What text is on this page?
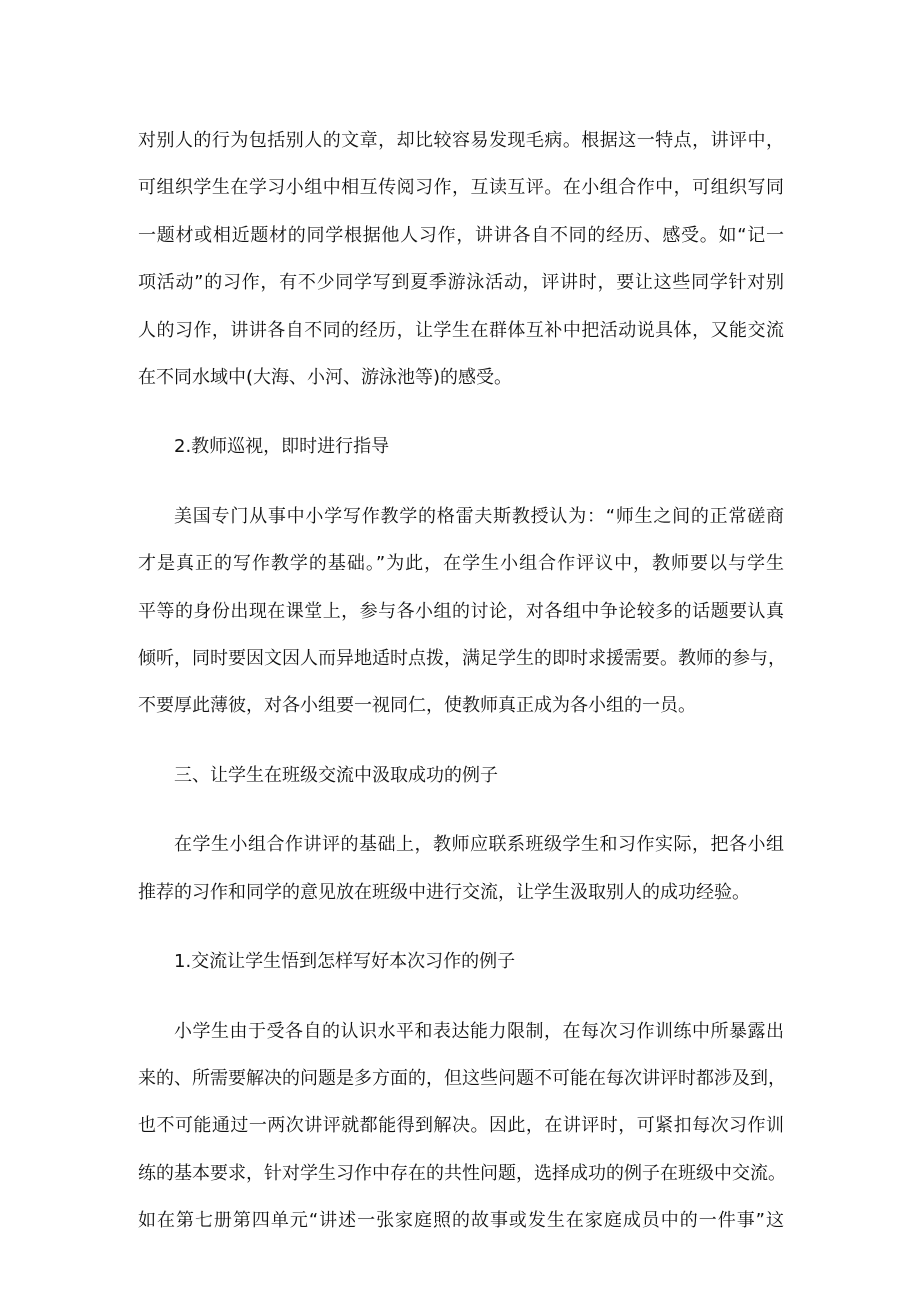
对别人的行为包括别人的文章，却比较容易发现毛病。根据这一特点，讲评中，
可组织学生在学习小组中相互传阅习作，互读互评。在小组合作中，可组织写同
一题材或相近题材的同学根据他人习作，讲讲各自不同的经历、感受。如“记一
项活动”的习作，有不少同学写到夏季游泳活动，评讲时，要让这些同学针对别
人的习作，讲讲各自不同的经历，让学生在群体互补中把活动说具体，又能交流
在不同水域中(大海、小河、游泳池等)的感受。

2.教师巡视，即时进行指导

美国专门从事中小学写作教学的格雷夫斯教授认为：“师生之间的正常磋商
才是真正的写作教学的基础。”为此，在学生小组合作评议中，教师要以与学生
平等的身份出现在课堂上，参与各小组的讨论，对各组中争论较多的话题要认真
倾听，同时要因文因人而异地适时点拨，满足学生的即时求援需要。教师的参与，
不要厚此薄彼，对各小组要一视同仁，使教师真正成为各小组的一员。

三、让学生在班级交流中汲取成功的例子

在学生小组合作讲评的基础上，教师应联系班级学生和习作实际，把各小组
推荐的习作和同学的意见放在班级中进行交流，让学生汲取别人的成功经验。

1.交流让学生悟到怎样写好本次习作的例子

小学生由于受各自的认识水平和表达能力限制，在每次习作训练中所暴露出
来的、所需要解决的问题是多方面的，但这些问题不可能在每次讲评时都涉及到，
也不可能通过一两次讲评就都能得到解决。因此，在讲评时，可紧扣每次习作训
练的基本要求，针对学生习作中存在的共性问题，选择成功的例子在班级中交流。
如在第七册第四单元“讲述一张家庭照的故事或发生在家庭成员中的一件事”这
